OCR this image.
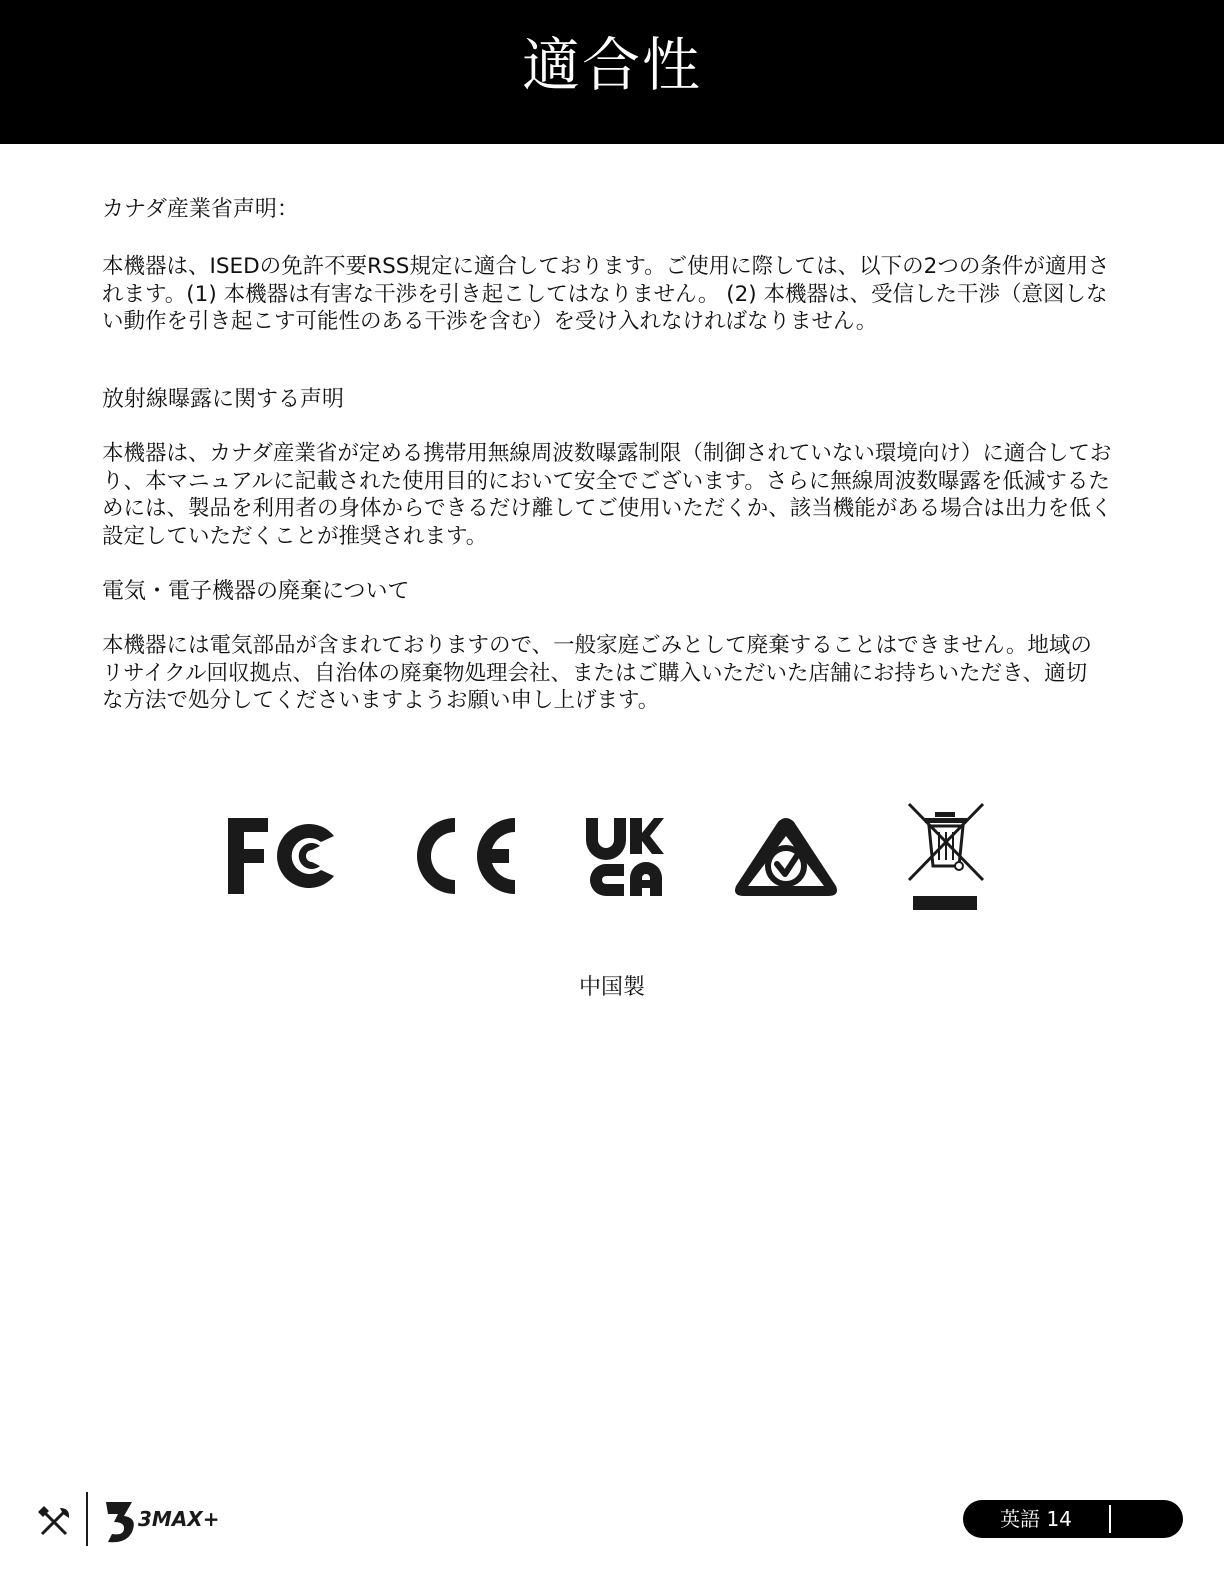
適合性

カナダ産業省声明：

本機器は、ISEDの免許不要RSS規定に適合しております。ご使用に際しては、以下の2つの条件が適用されます。(1) 本機器は有害な干渉を引き起こしてはなりません。 (2) 本機器は、受信した干渉（意図しない動作を引き起こす可能性のある干渉を含む）を受け入れなければなりません。

放射線曝露に関する声明

本機器は、カナダ産業省が定める携帯用無線周波数曝露制限（制御されていない環境向け）に適合しており、本マニュアルに記載された使用目的において安全でございます。さらに無線周波数曝露を低減するためには、製品を利用者の身体からできるだけ離してご使用いただくか、該当機能がある場合は出力を低く設定していただくことが推奨されます。

電気・電子機器の廃棄について

本機器には電気部品が含まれておりますので、一般家庭ごみとして廃棄することはできません。地域のリサイクル回収拠点、自治体の廃棄物処理会社、またはご購入いただいた店舗にお持ちいただき、適切な方法で処分してくださいますようお願い申し上げます。

中国製
3MAX+	英語 14
